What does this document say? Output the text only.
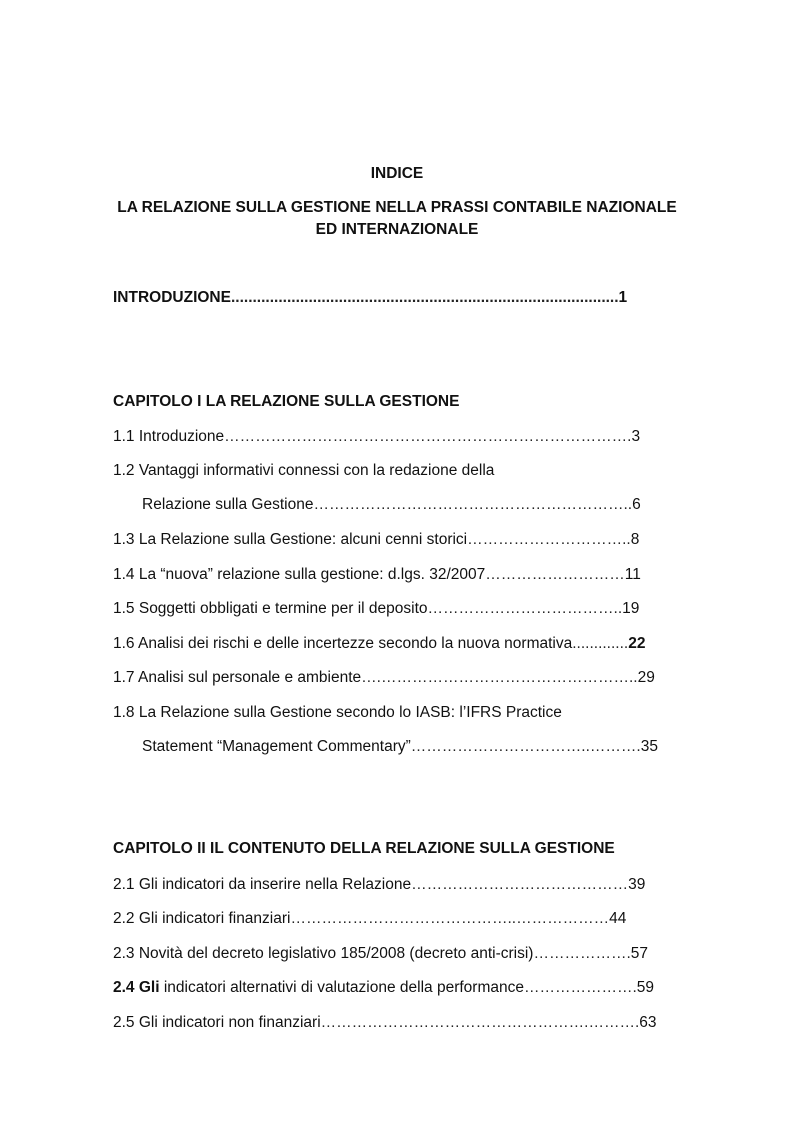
INDICE
LA RELAZIONE SULLA GESTIONE NELLA PRASSI CONTABILE NAZIONALE
ED INTERNAZIONALE
INTRODUZIONE..........................................................................................1
CAPITOLO I LA RELAZIONE SULLA GESTIONE
1.1 Introduzione…………………………………………………………………….3
1.2 Vantaggi informativi connessi con la redazione della
Relazione sulla Gestione……………………………………………………..6
1.3 La Relazione sulla Gestione: alcuni cenni storici…………………………..8
1.4 La “nuova” relazione sulla gestione: d.lgs. 32/2007………………………11
1.5 Soggetti obbligati e termine per il deposito………………………………..19
1.6 Analisi dei rischi e delle incertezze secondo la nuova normativa.............22
1.7 Analisi sul personale e ambiente….…………………………………………..29
1.8 La Relazione sulla Gestione secondo lo IASB: l’IFRS Practice
Statement “Management Commentary”……………………………..……….35
CAPITOLO II IL CONTENUTO DELLA RELAZIONE SULLA GESTIONE
2.1 Gli indicatori da inserire nella Relazione……………………………………39
2.2 Gli indicatori finanziari……………………………………..………………44
2.3 Novità del decreto legislativo 185/2008 (decreto anti-crisi)……………….57
2.4 Gli indicatori alternativi di valutazione della performance………………….59
2.5 Gli indicatori non finanziari…………………………………………….……….63
